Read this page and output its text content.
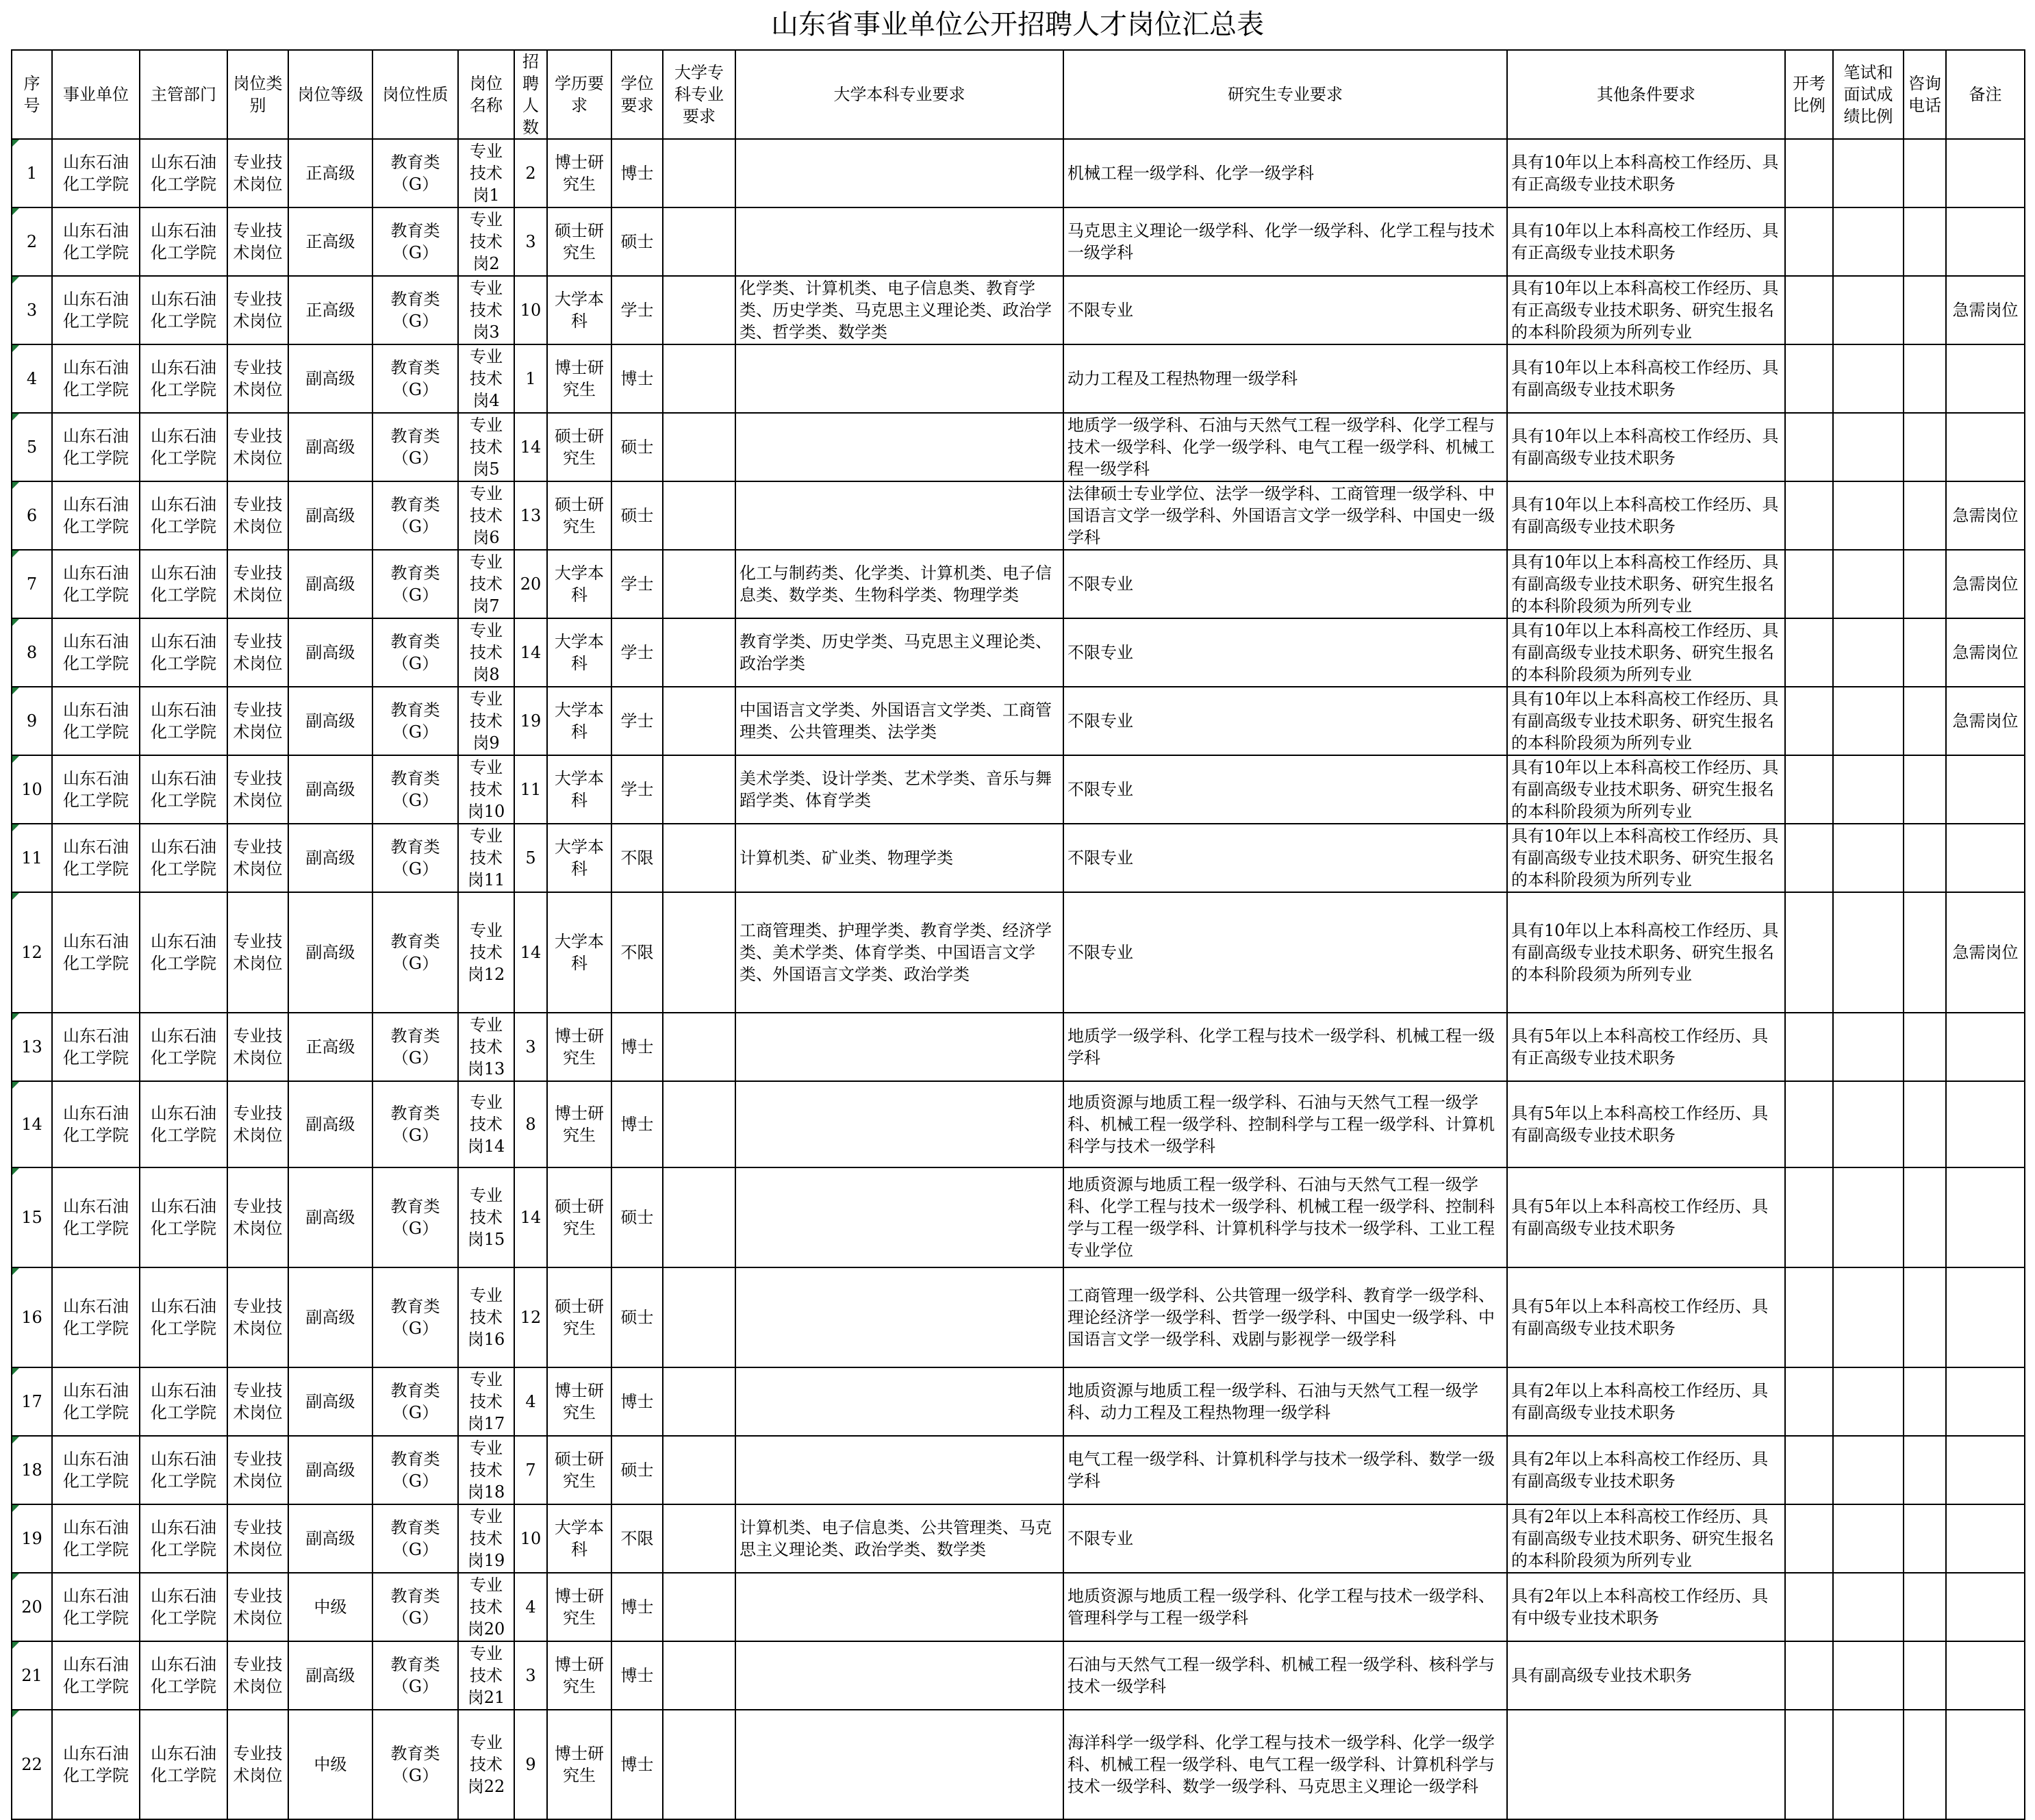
山东省事业单位公开招聘人才岗位汇总表
序号	事业单位	主管部门	岗位类别	岗位等级	岗位性质	岗位名称	招聘人数	学历要求	学位要求	大学专科专业要求	大学本科专业要求	研究生专业要求	其他条件要求	开考比例	笔试和面试成绩比例	咨询电话	备注
1	山东石油化工学院	山东石油化工学院	专业技术岗位	正高级	教育类（G）	专业技术岗1	2	博士研究生	博士			机械工程一级学科、化学一级学科	具有10年以上本科高校工作经历、具有正高级专业技术职务				
2	山东石油化工学院	山东石油化工学院	专业技术岗位	正高级	教育类（G）	专业技术岗2	3	硕士研究生	硕士			马克思主义理论一级学科、化学一级学科、化学工程与技术一级学科	具有10年以上本科高校工作经历、具有正高级专业技术职务				
3	山东石油化工学院	山东石油化工学院	专业技术岗位	正高级	教育类（G）	专业技术岗3	10	大学本科	学士		化学类、计算机类、电子信息类、教育学类、历史学类、马克思主义理论类、政治学类、哲学类、数学类	不限专业	具有10年以上本科高校工作经历、具有正高级专业技术职务、研究生报名的本科阶段须为所列专业				急需岗位
4	山东石油化工学院	山东石油化工学院	专业技术岗位	副高级	教育类（G）	专业技术岗4	1	博士研究生	博士			动力工程及工程热物理一级学科	具有10年以上本科高校工作经历、具有副高级专业技术职务				
5	山东石油化工学院	山东石油化工学院	专业技术岗位	副高级	教育类（G）	专业技术岗5	14	硕士研究生	硕士			地质学一级学科、石油与天然气工程一级学科、化学工程与技术一级学科、化学一级学科、电气工程一级学科、机械工程一级学科	具有10年以上本科高校工作经历、具有副高级专业技术职务				
6	山东石油化工学院	山东石油化工学院	专业技术岗位	副高级	教育类（G）	专业技术岗6	13	硕士研究生	硕士			法律硕士专业学位、法学一级学科、工商管理一级学科、中国语言文学一级学科、外国语言文学一级学科、中国史一级学科	具有10年以上本科高校工作经历、具有副高级专业技术职务				急需岗位
7	山东石油化工学院	山东石油化工学院	专业技术岗位	副高级	教育类（G）	专业技术岗7	20	大学本科	学士		化工与制药类、化学类、计算机类、电子信息类、数学类、生物科学类、物理学类	不限专业	具有10年以上本科高校工作经历、具有副高级专业技术职务、研究生报名的本科阶段须为所列专业				急需岗位
8	山东石油化工学院	山东石油化工学院	专业技术岗位	副高级	教育类（G）	专业技术岗8	14	大学本科	学士		教育学类、历史学类、马克思主义理论类、政治学类	不限专业	具有10年以上本科高校工作经历、具有副高级专业技术职务、研究生报名的本科阶段须为所列专业				急需岗位
9	山东石油化工学院	山东石油化工学院	专业技术岗位	副高级	教育类（G）	专业技术岗9	19	大学本科	学士		中国语言文学类、外国语言文学类、工商管理类、公共管理类、法学类	不限专业	具有10年以上本科高校工作经历、具有副高级专业技术职务、研究生报名的本科阶段须为所列专业				急需岗位
10	山东石油化工学院	山东石油化工学院	专业技术岗位	副高级	教育类（G）	专业技术岗10	11	大学本科	学士		美术学类、设计学类、艺术学类、音乐与舞蹈学类、体育学类	不限专业	具有10年以上本科高校工作经历、具有副高级专业技术职务、研究生报名的本科阶段须为所列专业				
11	山东石油化工学院	山东石油化工学院	专业技术岗位	副高级	教育类（G）	专业技术岗11	5	大学本科	不限		计算机类、矿业类、物理学类	不限专业	具有10年以上本科高校工作经历、具有副高级专业技术职务、研究生报名的本科阶段须为所列专业				
12	山东石油化工学院	山东石油化工学院	专业技术岗位	副高级	教育类（G）	专业技术岗12	14	大学本科	不限		工商管理类、护理学类、教育学类、经济学类、美术学类、体育学类、中国语言文学类、外国语言文学类、政治学类	不限专业	具有10年以上本科高校工作经历、具有副高级专业技术职务、研究生报名的本科阶段须为所列专业				急需岗位
13	山东石油化工学院	山东石油化工学院	专业技术岗位	正高级	教育类（G）	专业技术岗13	3	博士研究生	博士			地质学一级学科、化学工程与技术一级学科、机械工程一级学科	具有5年以上本科高校工作经历、具有正高级专业技术职务				
14	山东石油化工学院	山东石油化工学院	专业技术岗位	副高级	教育类（G）	专业技术岗14	8	博士研究生	博士			地质资源与地质工程一级学科、石油与天然气工程一级学科、机械工程一级学科、控制科学与工程一级学科、计算机科学与技术一级学科	具有5年以上本科高校工作经历、具有副高级专业技术职务				
15	山东石油化工学院	山东石油化工学院	专业技术岗位	副高级	教育类（G）	专业技术岗15	14	硕士研究生	硕士			地质资源与地质工程一级学科、石油与天然气工程一级学科、化学工程与技术一级学科、机械工程一级学科、控制科学与工程一级学科、计算机科学与技术一级学科、工业工程专业学位	具有5年以上本科高校工作经历、具有副高级专业技术职务				
16	山东石油化工学院	山东石油化工学院	专业技术岗位	副高级	教育类（G）	专业技术岗16	12	硕士研究生	硕士			工商管理一级学科、公共管理一级学科、教育学一级学科、理论经济学一级学科、哲学一级学科、中国史一级学科、中国语言文学一级学科、戏剧与影视学一级学科	具有5年以上本科高校工作经历、具有副高级专业技术职务				
17	山东石油化工学院	山东石油化工学院	专业技术岗位	副高级	教育类（G）	专业技术岗17	4	博士研究生	博士			地质资源与地质工程一级学科、石油与天然气工程一级学科、动力工程及工程热物理一级学科	具有2年以上本科高校工作经历、具有副高级专业技术职务				
18	山东石油化工学院	山东石油化工学院	专业技术岗位	副高级	教育类（G）	专业技术岗18	7	硕士研究生	硕士			电气工程一级学科、计算机科学与技术一级学科、数学一级学科	具有2年以上本科高校工作经历、具有副高级专业技术职务				
19	山东石油化工学院	山东石油化工学院	专业技术岗位	副高级	教育类（G）	专业技术岗19	10	大学本科	不限		计算机类、电子信息类、公共管理类、马克思主义理论类、政治学类、数学类	不限专业	具有2年以上本科高校工作经历、具有副高级专业技术职务、研究生报名的本科阶段须为所列专业				
20	山东石油化工学院	山东石油化工学院	专业技术岗位	中级	教育类（G）	专业技术岗20	4	博士研究生	博士			地质资源与地质工程一级学科、化学工程与技术一级学科、管理科学与工程一级学科	具有2年以上本科高校工作经历、具有中级专业技术职务				
21	山东石油化工学院	山东石油化工学院	专业技术岗位	副高级	教育类（G）	专业技术岗21	3	博士研究生	博士			石油与天然气工程一级学科、机械工程一级学科、核科学与技术一级学科	具有副高级专业技术职务				
22	山东石油化工学院	山东石油化工学院	专业技术岗位	中级	教育类（G）	专业技术岗22	9	博士研究生	博士			海洋科学一级学科、化学工程与技术一级学科、化学一级学科、机械工程一级学科、电气工程一级学科、计算机科学与技术一级学科、数学一级学科、马克思主义理论一级学科					
